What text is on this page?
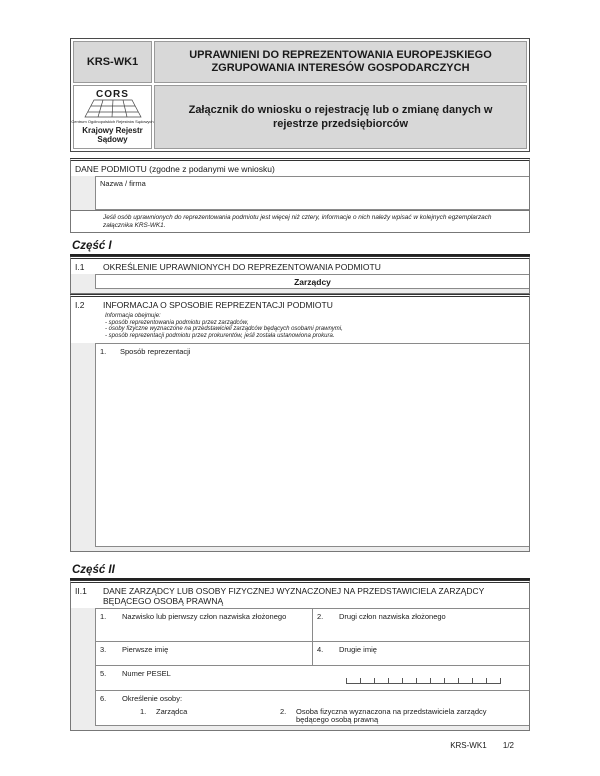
KRS-WK1
UPRAWNIENI DO REPREZENTOWANIA EUROPEJSKIEGO ZGRUPOWANIA INTERESÓW GOSPODARCZYCH
CORS
Centrum Ogólnopolskich Rejestrów Sądowych
Krajowy Rejestr Sądowy
Załącznik do wniosku o rejestrację lub o zmianę danych w rejestrze przedsiębiorców
DANE PODMIOTU (zgodne z podanymi we wniosku)
Nazwa / firma
Jeśli osób uprawnionych do reprezentowania podmiotu jest więcej niż cztery, informacje o nich należy wpisać w kolejnych egzemplarzach załącznika KRS-WK1.
Część I
I.1	OKREŚLENIE UPRAWNIONYCH DO REPREZENTOWANIA PODMIOTU
Zarządcy
I.2	INFORMACJA O SPOSOBIE REPREZENTACJI PODMIOTU
Informacja obejmuje:
- sposób reprezentowania podmiotu przez zarządców,
- osoby fizyczne wyznaczone na przedstawicieli zarządców będących osobami prawnymi,
- sposób reprezentacji podmiotu przez prokurentów, jeśli została ustanowiona prokura.
1.	Sposób reprezentacji
Część II
II.1	DANE ZARZĄDCY LUB OSOBY FIZYCZNEJ WYZNACZONEJ NA PRZEDSTAWICIELA ZARZĄDCY BĘDĄCEGO OSOBĄ PRAWNĄ
1.	Nazwisko lub pierwszy człon nazwiska złożonego	2.	Drugi człon nazwiska złożonego
3.	Pierwsze imię	4.	Drugie imię
5.	Numer PESEL
6.	Określenie osoby:
1.	Zarządca	2.	Osoba fizyczna wyznaczona na przedstawiciela zarządcy będącego osobą prawną
KRS-WK1 1/2
